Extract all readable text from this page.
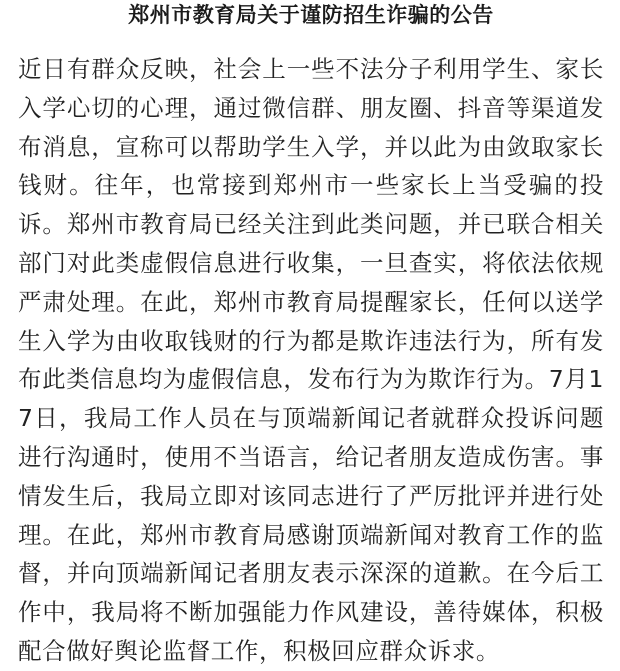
郑州市教育局关于谨防招生诈骗的公告

近日有群众反映，社会上一些不法分子利用学生、家长入学心切的心理，通过微信群、朋友圈、抖音等渠道发布消息，宣称可以帮助学生入学，并以此为由敛取家长钱财。往年，也常接到郑州市一些家长上当受骗的投诉。郑州市教育局已经关注到此类问题，并已联合相关部门对此类虚假信息进行收集，一旦查实，将依法依规严肃处理。在此，郑州市教育局提醒家长，任何以送学生入学为由收取钱财的行为都是欺诈违法行为，所有发布此类信息均为虚假信息，发布行为为欺诈行为。7月17日，我局工作人员在与顶端新闻记者就群众投诉问题进行沟通时，使用不当语言，给记者朋友造成伤害。事情发生后，我局立即对该同志进行了严厉批评并进行处理。在此，郑州市教育局感谢顶端新闻对教育工作的监督，并向顶端新闻记者朋友表示深深的道歉。在今后工作中，我局将不断加强能力作风建设，善待媒体，积极配合做好舆论监督工作，积极回应群众诉求。
